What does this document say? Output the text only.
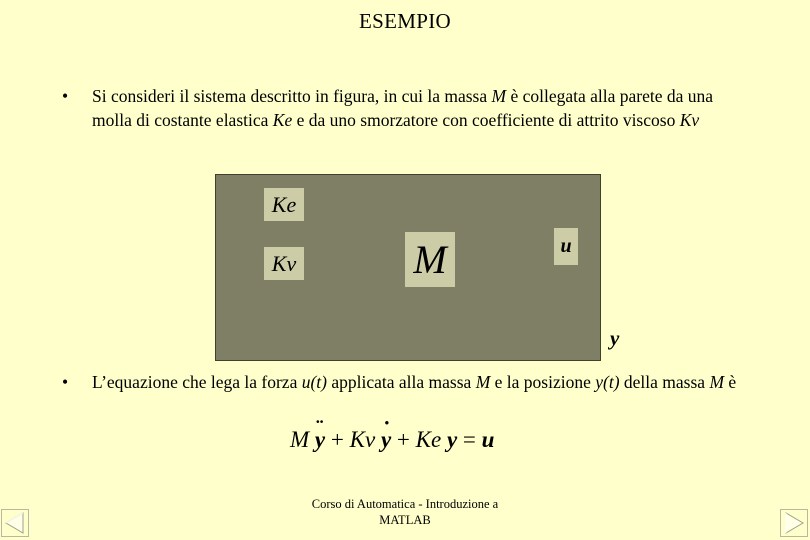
ESEMPIO
• Si consideri il sistema descritto in figura, in cui la massa M è collegata alla parete da una molla di costante elastica Ke e da uno smorzatore con coefficiente di attrito viscoso Kv
Ke
Kv	M	u
y
• L’equazione che lega la forza u(t) applicata alla massa M e la posizione y(t) della massa M è
M ¨ y + Kv ˙ y + Ke y = u
Corso di Automatica - Introduzione a
MATLAB
